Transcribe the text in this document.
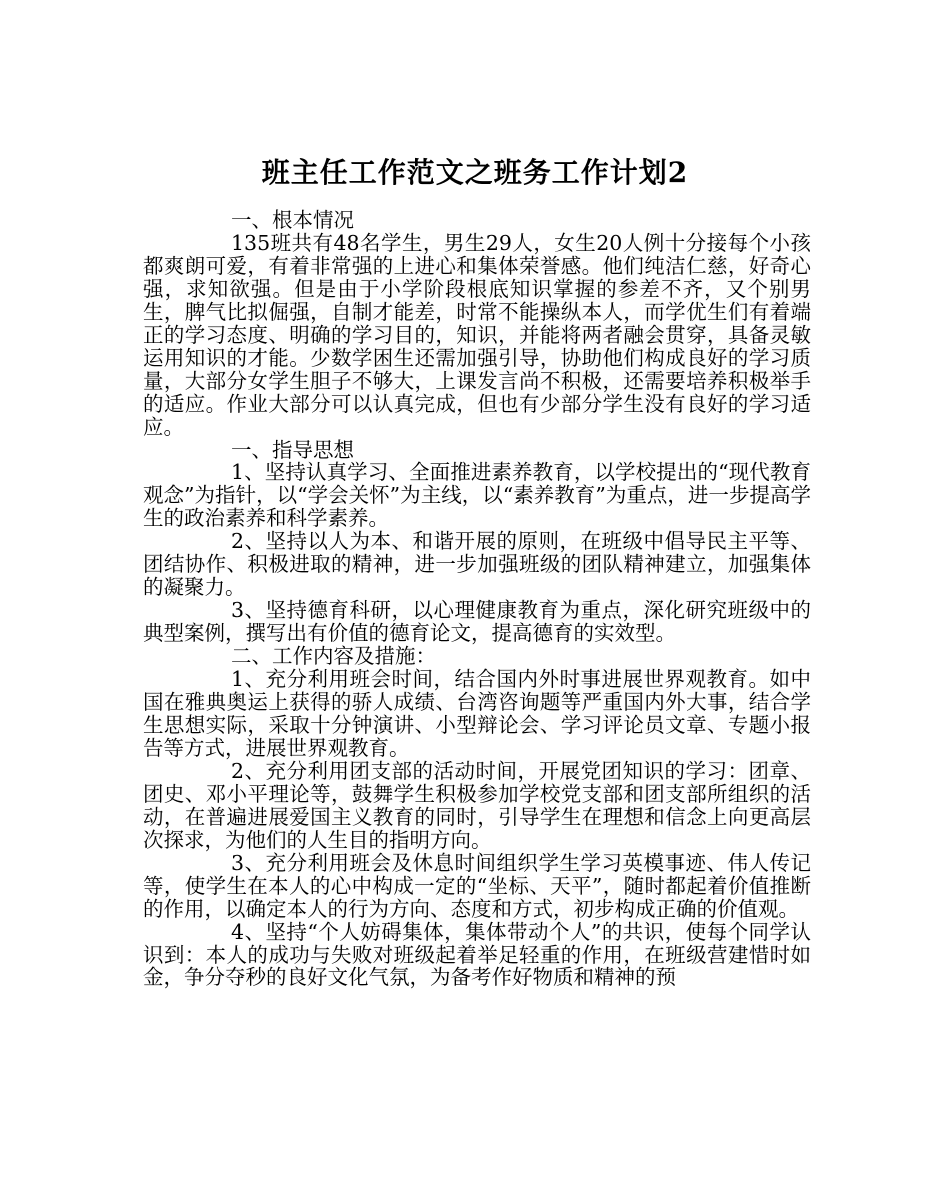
班主任工作范文之班务工作计划2

一、根本情况

135班共有48名学生，男生29人，女生20人例十分接每个小孩都爽朗可爱，有着非常强的上进心和集体荣誉感。他们纯洁仁慈，好奇心强，求知欲强。但是由于小学阶段根底知识掌握的参差不齐，又个别男生，脾气比拟倔强，自制才能差，时常不能操纵本人，而学优生们有着端正的学习态度、明确的学习目的，知识，并能将两者融会贯穿，具备灵敏运用知识的才能。少数学困生还需加强引导，协助他们构成良好的学习质量，大部分女学生胆子不够大，上课发言尚不积极，还需要培养积极举手的适应。作业大部分可以认真完成，但也有少部分学生没有良好的学习适应。

一、指导思想

1、坚持认真学习、全面推进素养教育，以学校提出的“现代教育观念”为指针，以“学会关怀”为主线，以“素养教育”为重点，进一步提高学生的政治素养和科学素养。

2、坚持以人为本、和谐开展的原则，在班级中倡导民主平等、团结协作、积极进取的精神，进一步加强班级的团队精神建立，加强集体的凝聚力。

3、坚持德育科研，以心理健康教育为重点，深化研究班级中的典型案例，撰写出有价值的德育论文，提高德育的实效型。

二、工作内容及措施：

1、充分利用班会时间，结合国内外时事进展世界观教育。如中国在雅典奥运上获得的骄人成绩、台湾咨询题等严重国内外大事，结合学生思想实际，采取十分钟演讲、小型辩论会、学习评论员文章、专题小报告等方式，进展世界观教育。

2、充分利用团支部的活动时间，开展党团知识的学习：团章、团史、邓小平理论等，鼓舞学生积极参加学校党支部和团支部所组织的活动，在普遍进展爱国主义教育的同时，引导学生在理想和信念上向更高层次探求，为他们的人生目的指明方向。

3、充分利用班会及休息时间组织学生学习英模事迹、伟人传记等，使学生在本人的心中构成一定的“坐标、天平”，随时都起着价值推断的作用，以确定本人的行为方向、态度和方式，初步构成正确的价值观。

4、坚持“个人妨碍集体，集体带动个人”的共识，使每个同学认识到：本人的成功与失败对班级起着举足轻重的作用，在班级营建惜时如金，争分夺秒的良好文化气氛，为备考作好物质和精神的预
